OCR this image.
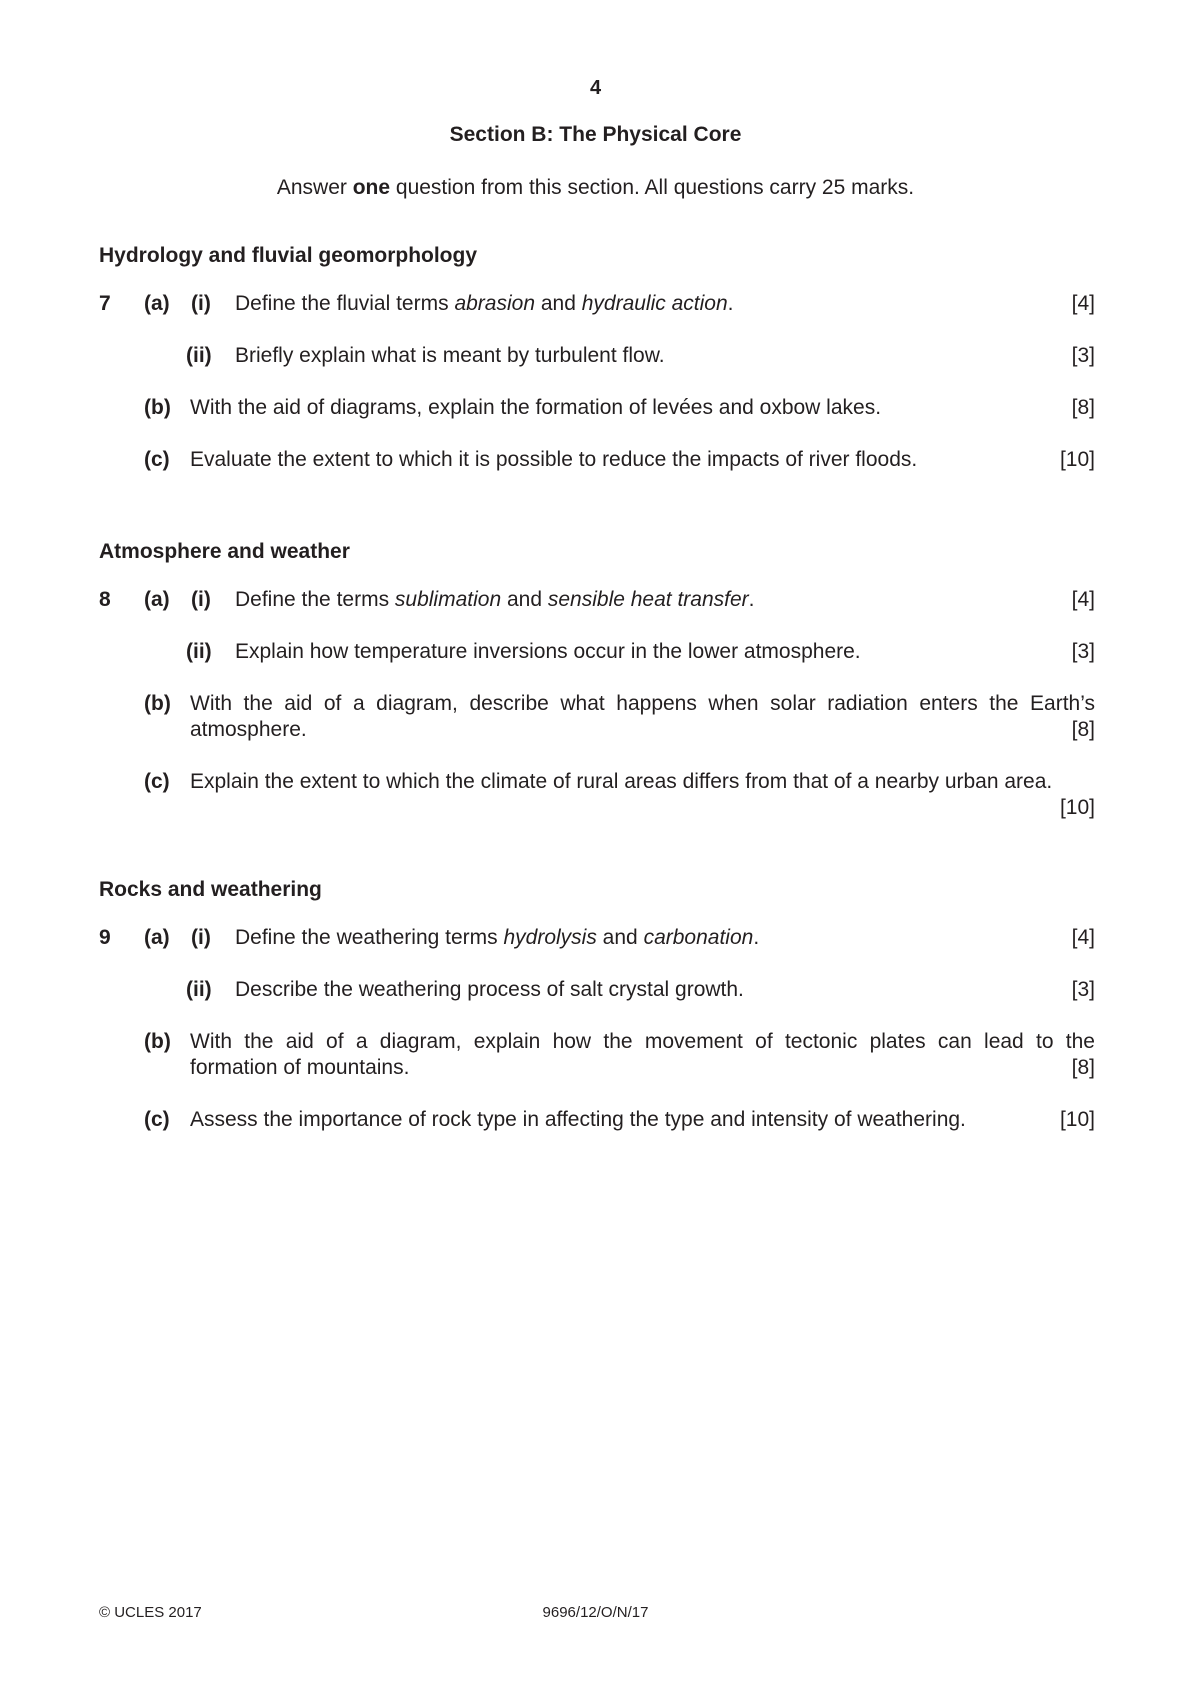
4
Section B: The Physical Core
Answer one question from this section. All questions carry 25 marks.
Hydrology and fluvial geomorphology
7 (a) (i) Define the fluvial terms abrasion and hydraulic action.	[4]
(ii) Briefly explain what is meant by turbulent flow.	[3]
(b) With the aid of diagrams, explain the formation of levées and oxbow lakes.	[8]
(c) Evaluate the extent to which it is possible to reduce the impacts of river floods.	[10]
Atmosphere and weather
8 (a) (i) Define the terms sublimation and sensible heat transfer.	[4]
(ii) Explain how temperature inversions occur in the lower atmosphere.	[3]
(b) With the aid of a diagram, describe what happens when solar radiation enters the Earth’s
atmosphere.	[8]
(c) Explain the extent to which the climate of rural areas differs from that of a nearby urban area.
[10]
Rocks and weathering
9 (a) (i) Define the weathering terms hydrolysis and carbonation.	[4]
(ii) Describe the weathering process of salt crystal growth.	[3]
(b) With the aid of a diagram, explain how the movement of tectonic plates can lead to the
formation of mountains.	[8]
(c) Assess the importance of rock type in affecting the type and intensity of weathering.	[10]
© UCLES 2017	9696/12/O/N/17
